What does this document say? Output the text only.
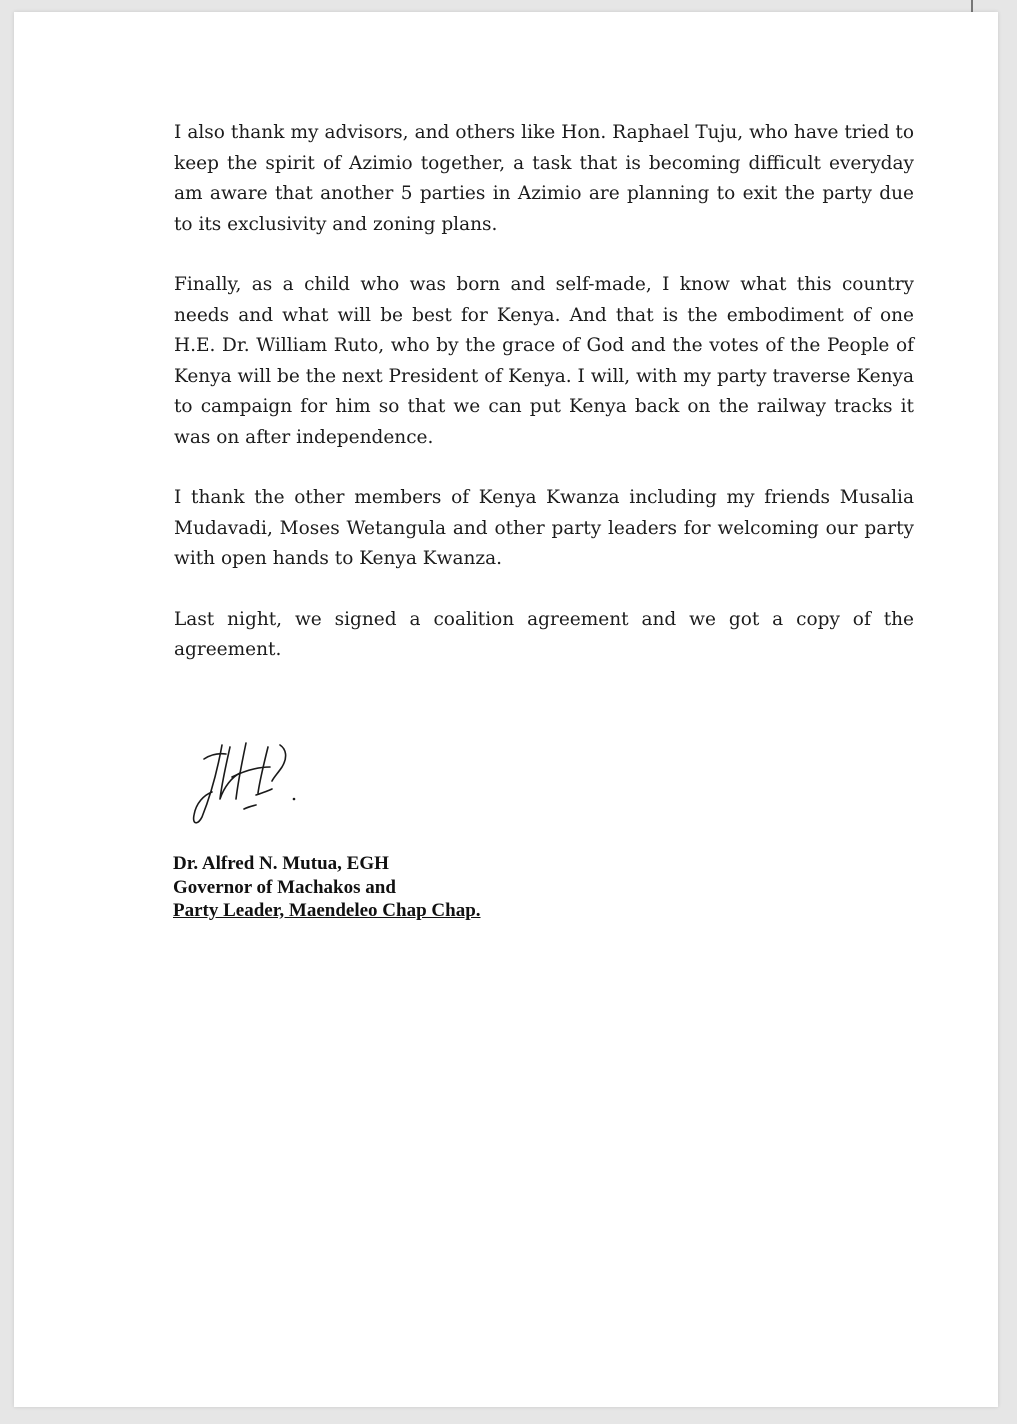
I also thank my advisors, and others like Hon. Raphael Tuju, who have tried to keep the spirit of Azimio together, a task that is becoming difficult everyday am aware that another 5 parties in Azimio are planning to exit the party due to its exclusivity and zoning plans.

Finally, as a child who was born and self-made, I know what this country needs and what will be best for Kenya. And that is the embodiment of one H.E. Dr. William Ruto, who by the grace of God and the votes of the People of Kenya will be the next President of Kenya. I will, with my party traverse Kenya to campaign for him so that we can put Kenya back on the railway tracks it was on after independence.

I thank the other members of Kenya Kwanza including my friends Musalia Mudavadi, Moses Wetangula and other party leaders for welcoming our party with open hands to Kenya Kwanza.

Last night, we signed a coalition agreement and we got a copy of the agreement.

Dr. Alfred N. Mutua, EGH
Governor of Machakos and
Party Leader, Maendeleo Chap Chap.
